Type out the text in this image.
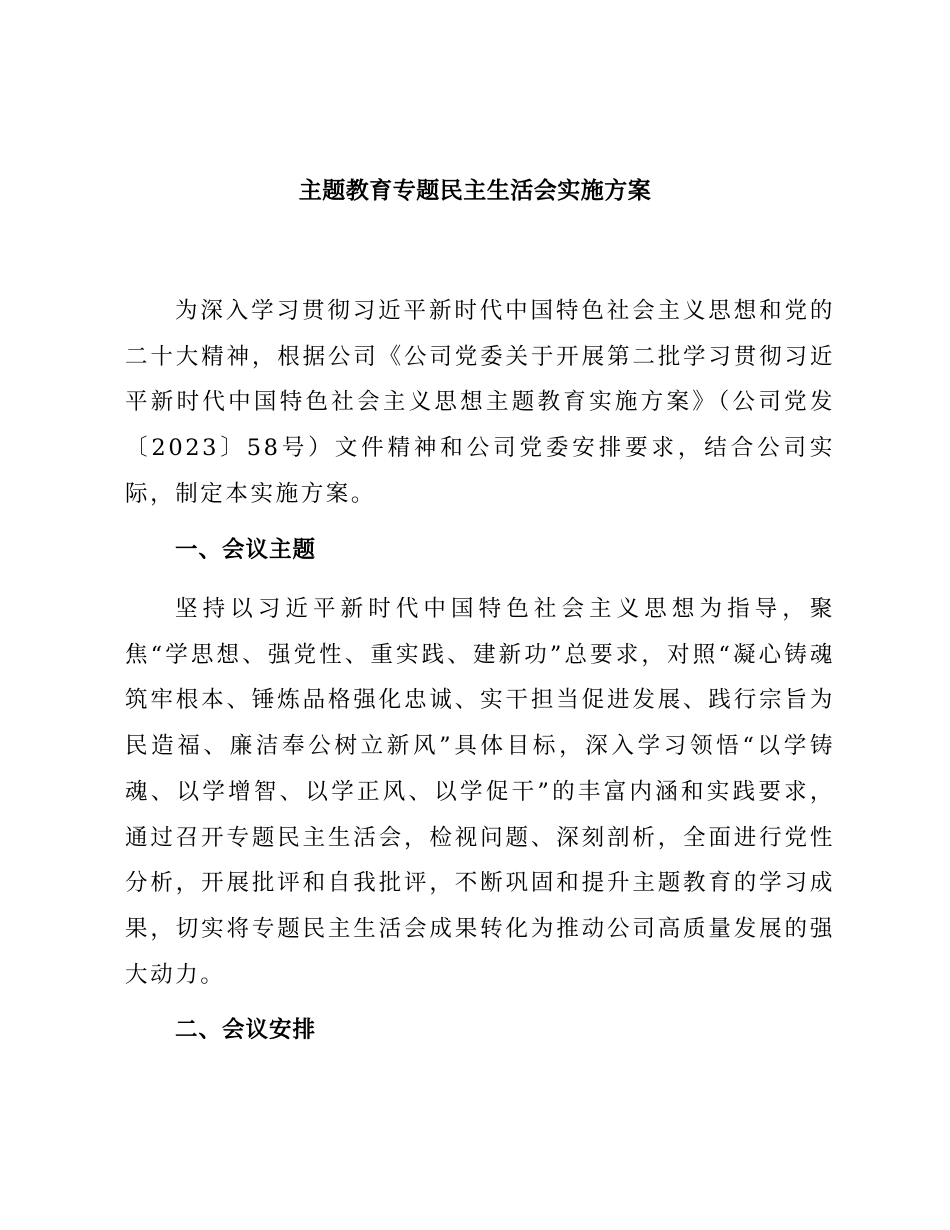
主题教育专题民主生活会实施方案

为深入学习贯彻习近平新时代中国特色社会主义思想和党的二十大精神，根据公司《公司党委关于开展第二批学习贯彻习近平新时代中国特色社会主义思想主题教育实施方案》（公司党发〔2023〕58号）文件精神和公司党委安排要求，结合公司实际，制定本实施方案。

一、会议主题

坚持以习近平新时代中国特色社会主义思想为指导，聚焦“学思想、强党性、重实践、建新功”总要求，对照“凝心铸魂筑牢根本、锤炼品格强化忠诚、实干担当促进发展、践行宗旨为民造福、廉洁奉公树立新风”具体目标，深入学习领悟“以学铸魂、以学增智、以学正风、以学促干”的丰富内涵和实践要求，通过召开专题民主生活会，检视问题、深刻剖析，全面进行党性分析，开展批评和自我批评，不断巩固和提升主题教育的学习成果，切实将专题民主生活会成果转化为推动公司高质量发展的强大动力。

二、会议安排
